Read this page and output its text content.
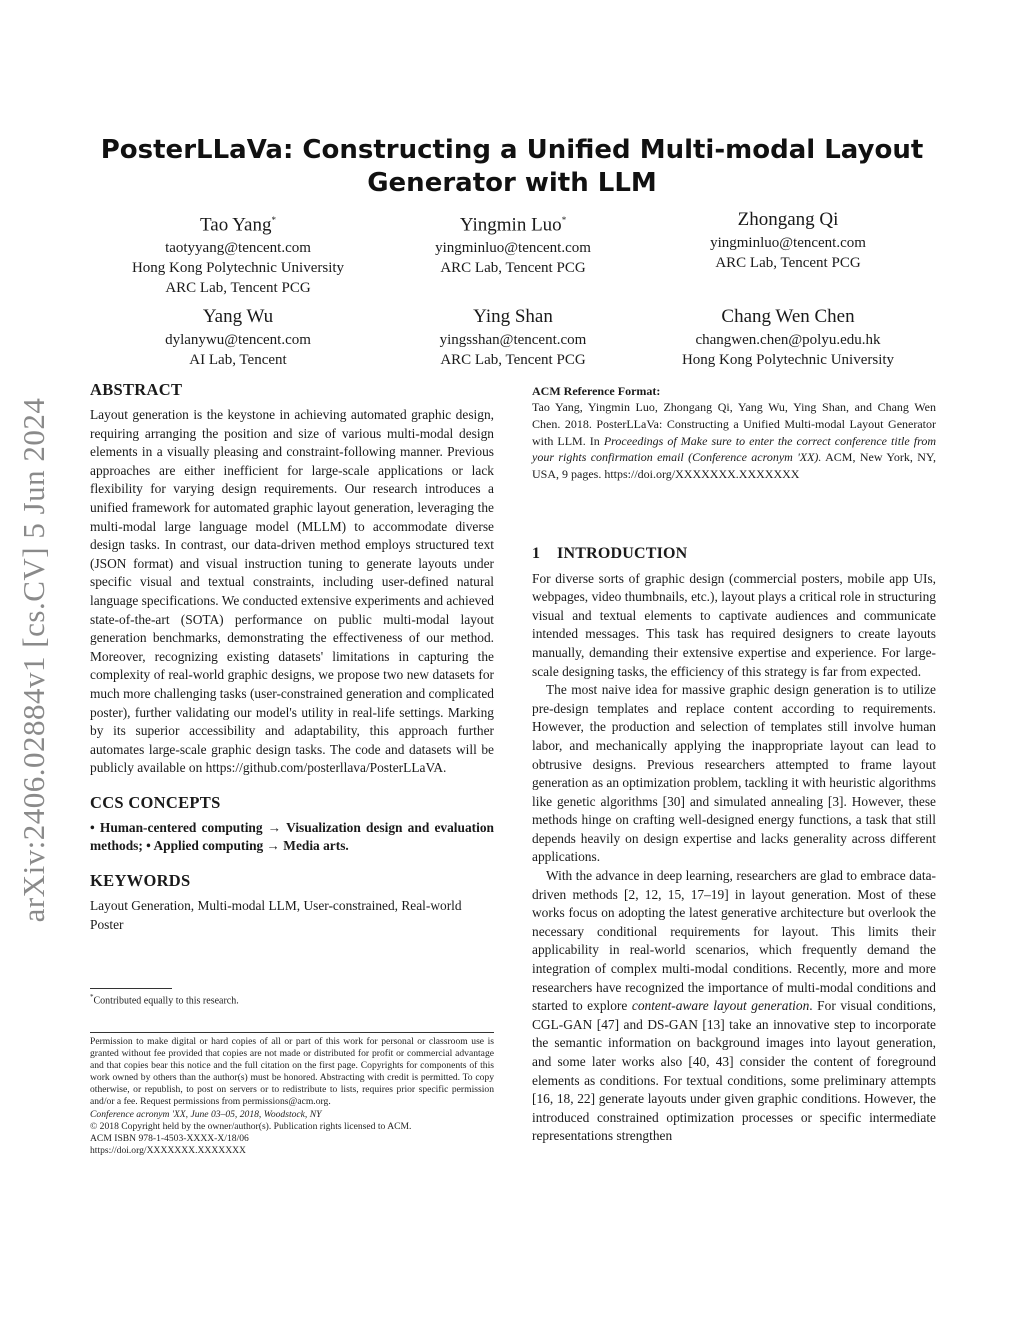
arXiv:2406.02884v1 [cs.CV] 5 Jun 2024
PosterLLaVa: Constructing a Unified Multi-modal Layout Generator with LLM
Tao Yang*
taotyyang@tencent.com
Hong Kong Polytechnic University
ARC Lab, Tencent PCG
Yingmin Luo*
yingminluo@tencent.com
ARC Lab, Tencent PCG
Zhongang Qi
yingminluo@tencent.com
ARC Lab, Tencent PCG
Yang Wu
dylanywu@tencent.com
AI Lab, Tencent
Ying Shan
yingsshan@tencent.com
ARC Lab, Tencent PCG
Chang Wen Chen
changwen.chen@polyu.edu.hk
Hong Kong Polytechnic University
ABSTRACT

Layout generation is the keystone in achieving automated graphic design, requiring arranging the position and size of various multi-modal design elements in a visually pleasing and constraint-following manner. Previous approaches are either inefficient for large-scale applications or lack flexibility for varying design requirements. Our research introduces a unified framework for automated graphic layout generation, leveraging the multi-modal large language model (MLLM) to accommodate diverse design tasks. In contrast, our data-driven method employs structured text (JSON format) and visual instruction tuning to generate layouts under specific visual and textual constraints, including user-defined natural language specifications. We conducted extensive experiments and achieved state-of-the-art (SOTA) performance on public multi-modal layout generation benchmarks, demonstrating the effectiveness of our method. Moreover, recognizing existing datasets' limitations in capturing the complexity of real-world graphic designs, we propose two new datasets for much more challenging tasks (user-constrained generation and complicated poster), further validating our model's utility in real-life settings. Marking by its superior accessibility and adaptability, this approach further automates large-scale graphic design tasks. The code and datasets will be publicly available on https://github.com/posterllava/PosterLLaVA.

CCS CONCEPTS

• Human-centered computing → Visualization design and evaluation methods; • Applied computing → Media arts.

KEYWORDS

Layout Generation, Multi-modal LLM, User-constrained, Real-world Poster

*Contributed equally to this research.

Permission to make digital or hard copies of all or part of this work for personal or classroom use is granted without fee provided that copies are not made or distributed for profit or commercial advantage and that copies bear this notice and the full citation on the first page. Copyrights for components of this work owned by others than the author(s) must be honored. Abstracting with credit is permitted. To copy otherwise, or republish, to post on servers or to redistribute to lists, requires prior specific permission and/or a fee. Request permissions from permissions@acm.org.

Conference acronym 'XX, June 03–05, 2018, Woodstock, NY

© 2018 Copyright held by the owner/author(s). Publication rights licensed to ACM.

ACM ISBN 978-1-4503-XXXX-X/18/06

https://doi.org/XXXXXXX.XXXXXXX

ACM Reference Format:

Tao Yang, Yingmin Luo, Zhongang Qi, Yang Wu, Ying Shan, and Chang Wen Chen. 2018. PosterLLaVa: Constructing a Unified Multi-modal Layout Generator with LLM. In Proceedings of Make sure to enter the correct conference title from your rights confirmation email (Conference acronym 'XX). ACM, New York, NY, USA, 9 pages. https://doi.org/XXXXXXX.XXXXXXX

1 INTRODUCTION

For diverse sorts of graphic design (commercial posters, mobile app UIs, webpages, video thumbnails, etc.), layout plays a critical role in structuring visual and textual elements to captivate audiences and communicate intended messages. This task has required designers to create layouts manually, demanding their extensive expertise and experience. For large-scale designing tasks, the efficiency of this strategy is far from expected.

The most naive idea for massive graphic design generation is to utilize pre-design templates and replace content according to requirements. However, the production and selection of templates still involve human labor, and mechanically applying the inappropriate layout can lead to obtrusive designs. Previous researchers attempted to frame layout generation as an optimization problem, tackling it with heuristic algorithms like genetic algorithms [30] and simulated annealing [3]. However, these methods hinge on crafting well-designed energy functions, a task that still depends heavily on design expertise and lacks generality across different applications.

With the advance in deep learning, researchers are glad to embrace data-driven methods [2, 12, 15, 17–19] in layout generation. Most of these works focus on adopting the latest generative architecture but overlook the necessary conditional requirements for layout. This limits their applicability in real-world scenarios, which frequently demand the integration of complex multi-modal conditions. Recently, more and more researchers have recognized the importance of multi-modal conditions and started to explore content-aware layout generation. For visual conditions, CGL-GAN [47] and DS-GAN [13] take an innovative step to incorporate the semantic information on background images into layout generation, and some later works also [40, 43] consider the content of foreground elements as conditions. For textual conditions, some preliminary attempts [16, 18, 22] generate layouts under given graphic conditions. However, the introduced constrained optimization processes or specific intermediate representations strengthen
